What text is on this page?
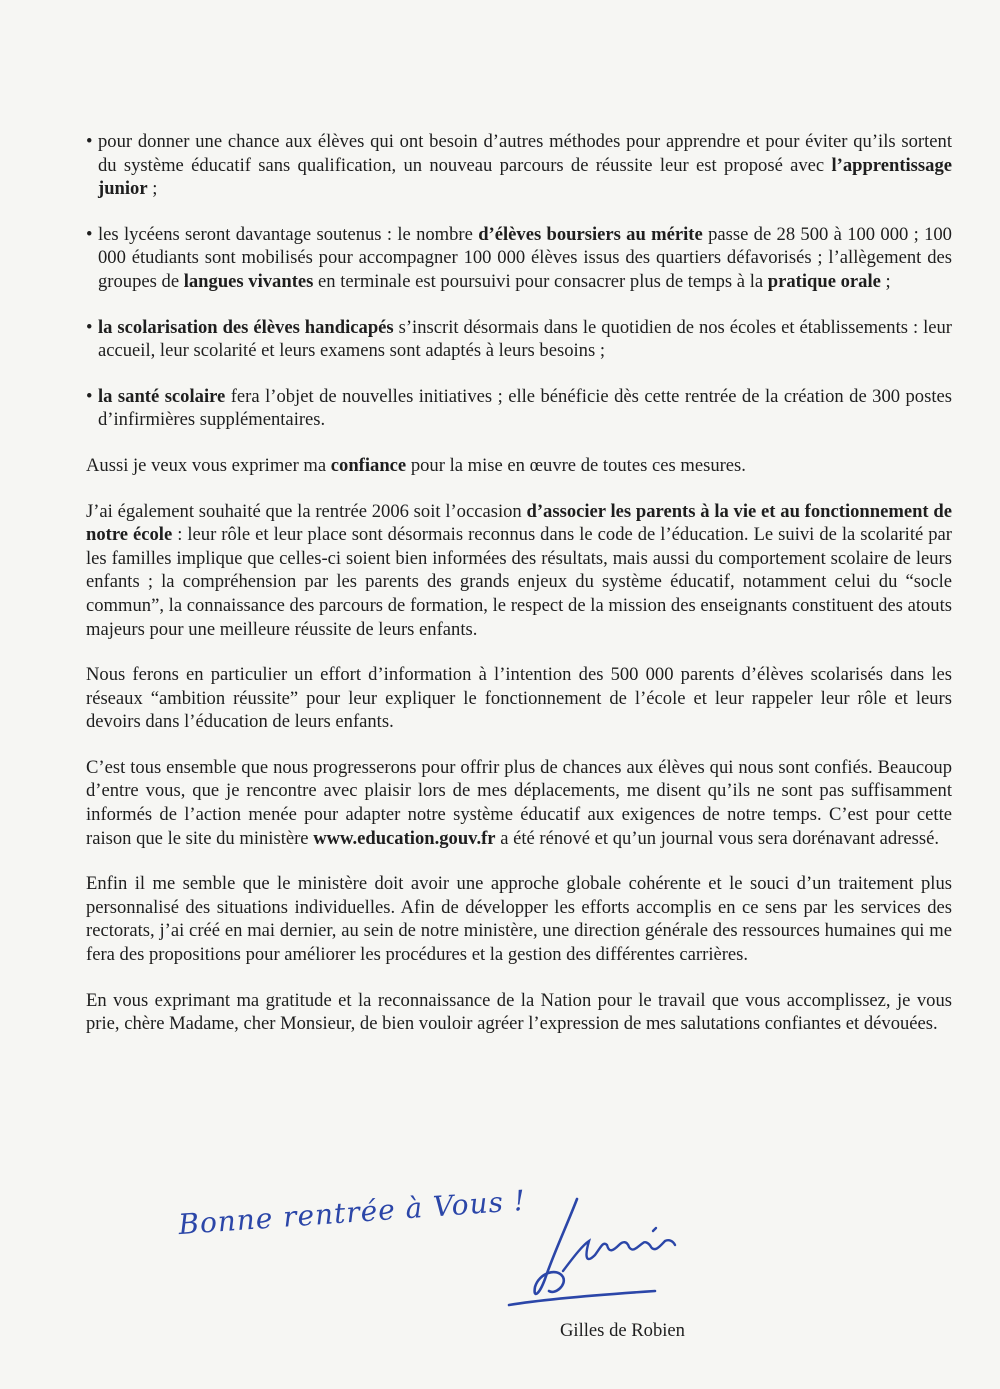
• pour donner une chance aux élèves qui ont besoin d’autres méthodes pour apprendre et pour éviter qu’ils sortent du système éducatif sans qualification, un nouveau parcours de réussite leur est proposé avec l’apprentissage junior ;

• les lycéens seront davantage soutenus : le nombre d’élèves boursiers au mérite passe de 28 500 à 100 000 ; 100 000 étudiants sont mobilisés pour accompagner 100 000 élèves issus des quartiers défavorisés ; l’allègement des groupes de langues vivantes en terminale est poursuivi pour consacrer plus de temps à la pratique orale ;

• la scolarisation des élèves handicapés s’inscrit désormais dans le quotidien de nos écoles et établissements : leur accueil, leur scolarité et leurs examens sont adaptés à leurs besoins ;

• la santé scolaire fera l’objet de nouvelles initiatives ; elle bénéficie dès cette rentrée de la création de 300 postes d’infirmières supplémentaires.

Aussi je veux vous exprimer ma confiance pour la mise en œuvre de toutes ces mesures.

J’ai également souhaité que la rentrée 2006 soit l’occasion d’associer les parents à la vie et au fonctionnement de notre école : leur rôle et leur place sont désormais reconnus dans le code de l’éducation. Le suivi de la scolarité par les familles implique que celles-ci soient bien informées des résultats, mais aussi du comportement scolaire de leurs enfants ; la compréhension par les parents des grands enjeux du système éducatif, notamment celui du “socle commun”, la connaissance des parcours de formation, le respect de la mission des enseignants constituent des atouts majeurs pour une meilleure réussite de leurs enfants.

Nous ferons en particulier un effort d’information à l’intention des 500 000 parents d’élèves scolarisés dans les réseaux “ambition réussite” pour leur expliquer le fonctionnement de l’école et leur rappeler leur rôle et leurs devoirs dans l’éducation de leurs enfants.

C’est tous ensemble que nous progresserons pour offrir plus de chances aux élèves qui nous sont confiés. Beaucoup d’entre vous, que je rencontre avec plaisir lors de mes déplacements, me disent qu’ils ne sont pas suffisamment informés de l’action menée pour adapter notre système éducatif aux exigences de notre temps. C’est pour cette raison que le site du ministère www.education.gouv.fr a été rénové et qu’un journal vous sera dorénavant adressé.

Enfin il me semble que le ministère doit avoir une approche globale cohérente et le souci d’un traitement plus personnalisé des situations individuelles. Afin de développer les efforts accomplis en ce sens par les services des rectorats, j’ai créé en mai dernier, au sein de notre ministère, une direction générale des ressources humaines qui me fera des propositions pour améliorer les procédures et la gestion des différentes carrières.

En vous exprimant ma gratitude et la reconnaissance de la Nation pour le travail que vous accomplissez, je vous prie, chère Madame, cher Monsieur, de bien vouloir agréer l’expression de mes salutations confiantes et dévouées.

Bonne rentrée à Vous !
Gilles de Robien
